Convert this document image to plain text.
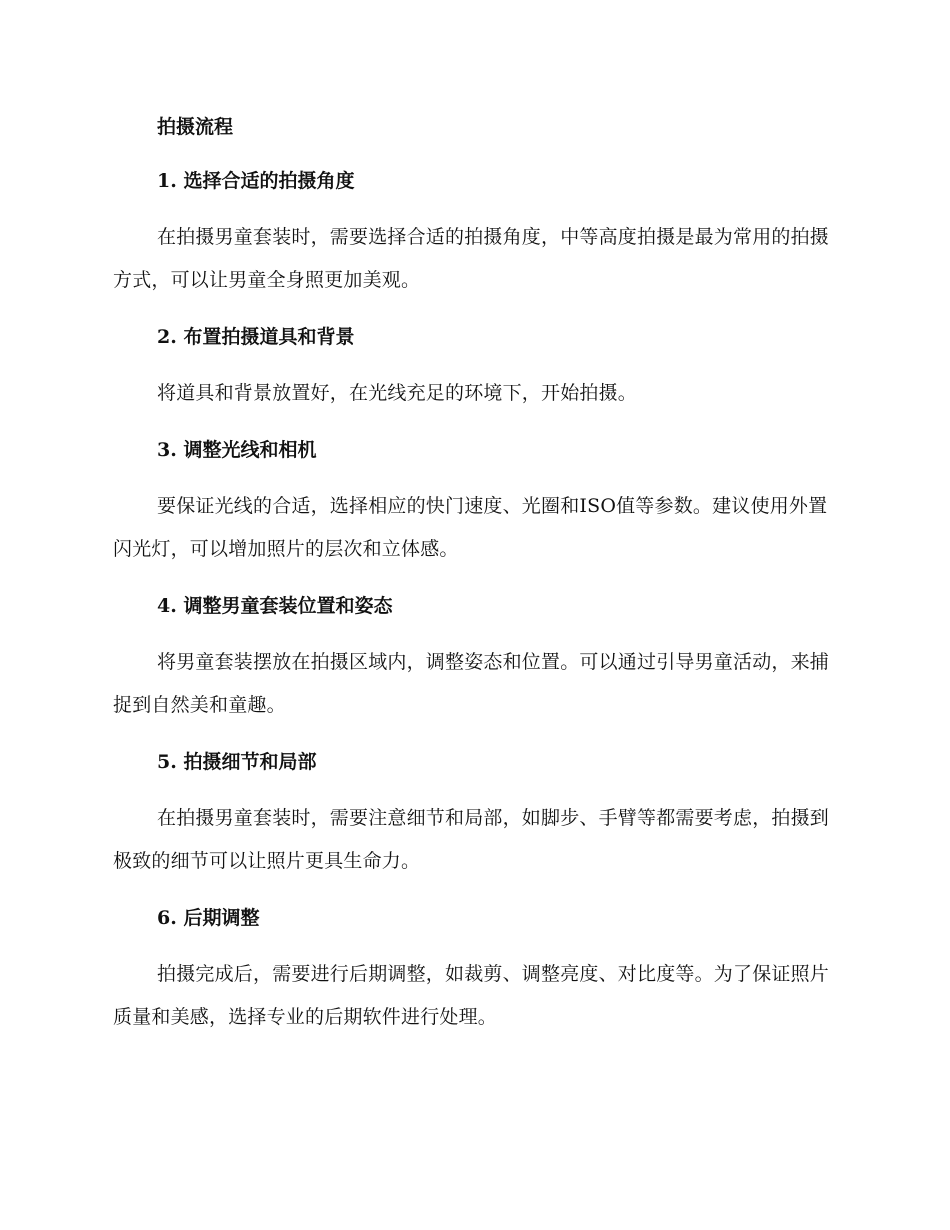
拍摄流程
1. 选择合适的拍摄角度
在拍摄男童套装时，需要选择合适的拍摄角度，中等高度拍摄是最为常用的拍摄方式，可以让男童全身照更加美观。
2. 布置拍摄道具和背景
将道具和背景放置好，在光线充足的环境下，开始拍摄。
3. 调整光线和相机
要保证光线的合适，选择相应的快门速度、光圈和ISO值等参数。建议使用外置闪光灯，可以增加照片的层次和立体感。
4. 调整男童套装位置和姿态
将男童套装摆放在拍摄区域内，调整姿态和位置。可以通过引导男童活动，来捕捉到自然美和童趣。
5. 拍摄细节和局部
在拍摄男童套装时，需要注意细节和局部，如脚步、手臂等都需要考虑，拍摄到极致的细节可以让照片更具生命力。
6. 后期调整
拍摄完成后，需要进行后期调整，如裁剪、调整亮度、对比度等。为了保证照片质量和美感，选择专业的后期软件进行处理。
